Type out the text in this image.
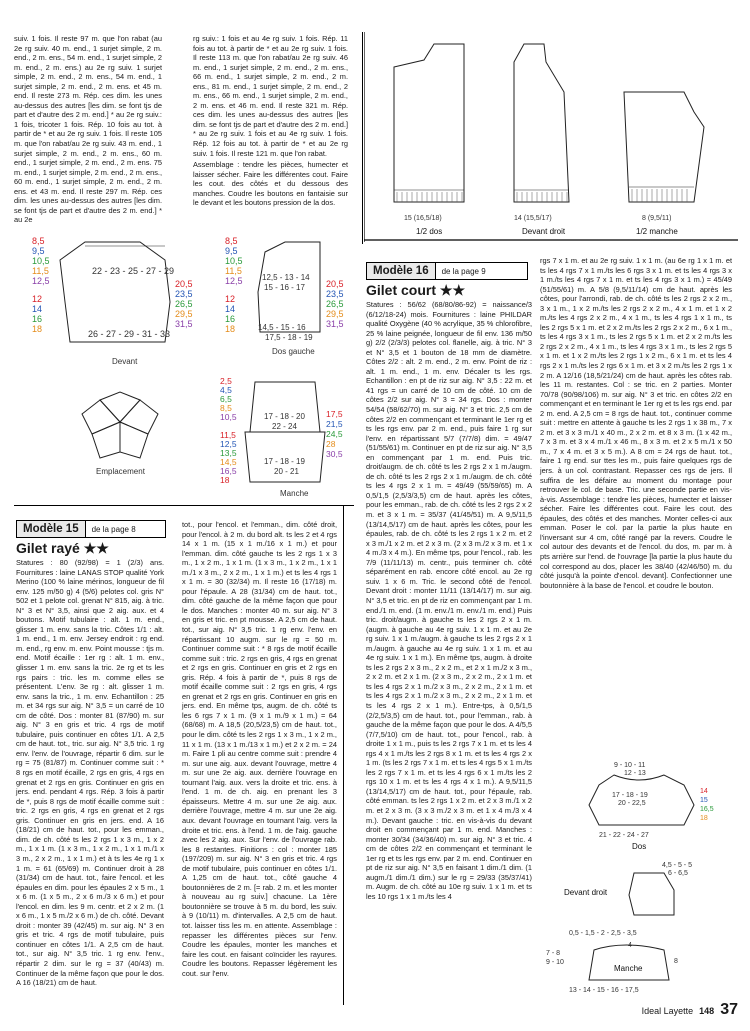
suiv. 1 fois. Il reste 97 m. que l'on rabat (au 2e rg suiv. 40 m. end., 1 surjet simple, 2 m. end., 2 m. ens., 54 m. end., 1 surjet simple, 2 m. end., 2 m. ens.) au 2e rg suiv. 1 surjet simple, 2 m. end., 2 m. ens., 54 m. end., 1 surjet simple, 2 m. end., 2 m. ens. et 45 m. end. Il reste 273 m. Rép. ces dim. les unes au-dessus des autres [les dim. se font tjs de part et d'autre des 2 m. end.] * au 2e rg suiv.: 1 fois, tricoter 1 fois. Rép. 10 fois au tot. à partir de * et au 2e rg suiv. 1 fois. Il reste 105 m. que l'on rabat/au 2e rg suiv. 43 m. end., 1 surjet simple, 2 m. end., 2 m. ens., 60 m. end., 1 surjet simple, 2 m. end., 2 m. ens. 75 m. end., 1 surjet simple, 2 m. end., 2 m. ens., 60 m. end., 1 surjet simple, 2 m. end., 2 m. ens. et 43 m. end. Il reste 297 m. Rép. ces dim. les unes au-dessus des autres [les dim. se font tjs de part et d'autre des 2 m. end.] * au 2e

rg suiv.: 1 fois et au 4e rg suiv. 1 fois. Rép. 11 fois au tot. à partir de * et au 2e rg suiv. 1 fois. Il reste 113 m. que l'on rabat/au 2e rg suiv. 46 m. end., 1 surjet simple, 2 m. end., 2 m. ens., 66 m. end., 1 surjet simple, 2 m. end., 2 m. ens., 81 m. end., 1 surjet simple, 2 m. end., 2 m. ens., 66 m. end., 1 surjet simple, 2 m. end., 2 m. ens. et 46 m. end. Il reste 321 m. Rép. ces dim. les unes au-dessus des autres [les dim. se font tjs de part et d'autre des 2 m. end.] * au 2e rg suiv. 1 fois et au 4e rg suiv. 1 fois. Rép. 12 fois au tot. à partir de * et au 2e rg suiv. 1 fois. Il reste 121 m. que l'on rabat.

Assemblage : tendre les pièces, humecter et laisser sécher. Faire les différentes cout. Faire les cout. des côtés et du dessous des manches. Coudre les boutons en fantaisie sur le devant et les boutons pression de la dos.

22 - 23 - 25 - 27 - 29
26 - 27 - 29 - 31 - 33
Devant
8,5
9,5
10,5
11,5
12,5
12
14
16
18
20,5
23,5
26,5
29,5
31,5
12,5 - 13 - 14
15 - 16 - 17
14,5 - 15 - 16
17,5 - 18 - 19
Dos gauche
8,5
9,5
10,5
11,5
12,5
12
14
16
18
20,5
23,5
26,5
29,5
31,5
Emplacement
17 - 18 - 20
22 - 24
17 - 18 - 19
20 - 21
Manche
2,5
4,5
6,5
8,5
10,5
11,5
12,5
13,5
14,5
16,5
18
17,5
21,5
24,5
28
30,5
15 (16,5/18)
1/2 dos
14 (15,5/17)
Devant droit
8 (9,5/11)
1/2 manche
Modèle 15	de la page 8
Gilet rayé ★★

Statures : 80 (92/98) = 1 (2/3) ans. Fournitures : laine LANAS STOP qualité York Merino (100 % laine mérinos, longueur de fil env. 125 m/50 g) 4 (5/6) pelotes col. gris N° 502 et 1 pelote col. grenat N° 815, aig. à tric. N° 3 et N° 3,5, ainsi que 2 aig. aux. et 4 boutons. Motif tubulaire : alt. 1 m. end., glisser 1 m. env. sans la tric. Côtes 1/1 : alt. 1 m. end., 1 m. env. Jersey endroit : rg end. m. end., rg env. m. env. Point mousse : tjs m. end. Motif écaille : 1er rg : alt. 1 m. env., glisser 1 m. env. sans la tric. 2e rg et ts les rgs pairs : tric. les m. comme elles se présentent. L'env. 3e rg : alt. glisser 1 m. env. sans la tric., 1 m. env. Echantillon : 25 m. et 34 rgs sur aig. N° 3,5 = un carré de 10 cm de côté. Dos : monter 81 (87/90) m. sur aig. N° 3 en gris et tric. 4 rgs de motif tubulaire, puis continuer en côtes 1/1. A 2,5 cm de haut. tot., tric. sur aig. N° 3,5 tric. 1 rg env. l'env. de l'ouvrage, répartir 6 dim. sur le rg = 75 (81/87) m. Continuer comme suit : * 8 rgs en motif écaille, 2 rgs en gris, 4 rgs en grenat et 2 rgs en gris. Continuer en gris en jers. end. pendant 4 rgs. Rép. 3 fois à partir de *, puis 8 rgs de motif écaille comme suit : tric. 2 rgs en gris, 4 rgs en grenat et 2 rgs gris. Continuer en gris en jers. end. A 16 (18/21) cm de haut. tot., pour les emman., dim. de ch. côté ts les 2 rgs 1 x 3 m., 1 x 2 m., 1 x 1 m. (1 x 3 m., 1 x 2 m., 1 x 1 m./1 x 3 m., 2 x 2 m., 1 x 1 m.) et à ts les 4e rg 1 x 1 m. = 61 (65/69) m. Continuer droit à 28 (31/34) cm de haut. tot., faire l'encol. et les épaules en dim. pour les épaules 2 x 5 m., 1 x 6 m. (1 x 5 m., 2 x 6 m./3 x 6 m.) et pour l'encol. en dim. les 9 m. centr. et 2 x 2 m. (1 x 6 m., 1 x 5 m./2 x 6 m.) de ch. côté. Devant droit : monter 39 (42/45) m. sur aig. N° 3 en gris et tric. 4 rgs de motif tubulaire, puis continuer en côtes 1/1. A 2,5 cm de haut. tot., sur aig. N° 3,5 tric. 1 rg env. l'env., répartir 2 dim. sur le rg = 37 (40/43) m. Continuer de la même façon que pour le dos. A 16 (18/21) cm de haut.

tot., pour l'encol. et l'emman., dim. côté droit, pour l'encol. à 2 m. du bord alt. ts les 2 et 4 rgs 14 x 1 m. (15 x 1 m./16 x 1 m.) et pour l'emman. dim. côté gauche ts les 2 rgs 1 x 3 m., 1 x 2 m., 1 x 1 m. (1 x 3 m., 1 x 2 m., 1 x 1 m./1 x 3 m., 2 x 2 m., 1 x 1 m.) et ts les 4 rgs 1 x 1 m. = 30 (32/34) m. Il reste 16 (17/18) m. pour l'épaule. A 28 (31/34) cm de haut. tot., dim. côté gauche de la même façon que pour le dos. Manches : monter 40 m. sur aig. N° 3 en gris et tric. en pt mousse. A 2,5 cm de haut. tot., sur aig. N° 3,5 tric. 1 rg env. l'env. en répartissant 10 augm. sur le rg = 50 m. Continuer comme suit : * 8 rgs de motif écaille comme suit : tric. 2 rgs en gris, 4 rgs en grenat et 2 rgs en gris. Continuer en gris et 2 rgs en gris. Rép. 4 fois à partir de *, puis 8 rgs de motif écaille comme suit : 2 rgs en gris, 4 rgs en grenat et 2 rgs en gris. Continuer en gris en jers. end. En même tps, augm. de ch. côté ts les 6 rgs 7 x 1 m. (9 x 1 m./9 x 1 m.) = 64 (68/68) m. A 18,5 (20,5/23,5) cm de haut. tot., pour le dim. côté ts les 2 rgs 1 x 3 m., 1 x 2 m., 11 x 1 m. (13 x 1 m./13 x 1 m.) et 2 x 2 m. = 24 m. Faire 1 pli au centre comme suit : prendre 4 m. sur une aig. aux. devant l'ouvrage, mettre 4 m. sur une 2e aig. aux. derrière l'ouvrage en tournant l'aig. aux. vers la droite et tric. ens. à l'end. 1 m. de ch. aig. en prenant les 3 épaisseurs. Mettre 4 m. sur une 2e aig. aux. derrière l'ouvrage, mettre 4 m. sur une 2e aig. aux. devant l'ouvrage en tournant l'aig. vers la droite et tric. ens. à l'end. 1 m. de l'aig. gauche avec les 2 aig. aux. Sur l'env. de l'ouvrage rab. les 8 restantes. Finitions : col : monter 185 (197/209) m. sur aig. N° 3 en gris et tric. 4 rgs de motif tubulaire, puis continuer en côtes 1/1. A 1,25 cm de haut. tot., côté gauche 4 boutonnières de 2 m. [= rab. 2 m. et les monter à nouveau au rg suiv.] chacune. La 1ère boutonnière se trouve à 5 m. du bord, les suiv. à 9 (10/11) m. d'intervalles. A 2,5 cm de haut. tot. laisser tiss les m. en attente. Assemblage : repasser les différentes pièces sur l'env. Coudre les épaules, monter les manches et faire les cout. en faisant coïncider les rayures. Coudre les boutons. Repasser légèrement les cout. sur l'env.

Modèle 16	de la page 9
Gilet court ★★

Statures : 56/62 (68/80/86-92) = naissance/3 (6/12/18-24) mois. Fournitures : laine PHILDAR qualité Oxygène (40 % acrylique, 35 % chlorofibre, 25 % laine peignée, longueur de fil env. 136 m/50 g) 2/2 (2/3/3) pelotes col. flanelle, aig. à tric. N° 3 et N° 3,5 et 1 bouton de 18 mm de diamètre. Côtes 2/2 : alt. 2 m. end., 2 m. env. Point de riz : alt. 1 m. end., 1 m. env. Décaler ts les rgs. Echantillon : en pt de riz sur aig. N° 3,5 : 22 m. et 41 rgs = un carré de 10 cm de côté. 10 cm de côtes 2/2 sur aig. N° 3 = 34 rgs. Dos : monter 54/54 (58/62/70) m. sur aig. N° 3 et tric. 2,5 cm de côtes 2/2 en commençant et terminant le 1er rg et ts les rgs env. par 2 m. end., puis faire 1 rg sur l'env. en répartissant 5/7 (7/7/8) dim. = 49/47 (51/55/61) m. Continuer en pt de riz sur aig. N° 3,5 en commençant par 1 m. end. Puis tric. droit/augm. de ch. côté ts les 2 rgs 2 x 1 m./augm. de ch. côté ts les 2 rgs 2 x 1 m./augm. de ch. côté ts les 4 rgs 2 x 1 m. = 49/49 (55/59/65) m. A 0,5/1,5 (2,5/3/3,5) cm de haut. après les côtes, pour les emman., rab. de ch. côté ts les 2 rgs 2 x 2 m. et 3 x 1 m. = 35/37 (41/45/51) m. A 9,5/11,5 (13/14,5/17) cm de haut. après les côtes, pour les épaules, rab. de ch. côté ts les 2 rgs 1 x 2 m. et 2 x 3 m./1 x 2 m. et 2 x 3 m. (2 x 3 m./2 x 3 m. et 1 x 4 m./3 x 4 m.). En même tps, pour l'encol., rab. les 7/9 (11/11/13) m. centr., puis terminer ch. côté séparément en rab. encore côté encol. au 2e rg suiv. 1 x 6 m. Tric. le second côté de l'encol. Devant droit : monter 11/11 (13/14/17) m. sur aig. N° 3,5 et tric. en pt de riz en commençant par 1 m. end./1 m. end. (1 m. env./1 m. env./1 m. end.) Puis tric. droit/augm. à gauche ts les 2 rgs 2 x 1 m. (augm. à gauche au 4e rg suiv. 1 x 1 m. et au 2e rg suiv. 1 x 1 m./augm. à gauche ts les 2 rgs 2 x 1 m./augm. à gauche au 4e rg suiv. 1 x 1 m. et au 4e rg suiv. 1 x 1 m.). En même tps, augm. à droite ts les 2 rgs 2 x 3 m., 2 x 2 m., et 2 x 1 m./2 x 3 m., 2 x 2 m. et 2 x 1 m. (2 x 3 m., 2 x 2 m., 2 x 1 m. et ts les 4 rgs 2 x 1 m./2 x 3 m., 2 x 2 m., 2 x 1 m. et ts les 4 rgs 2 x 1 m./2 x 3 m., 2 x 2 m., 2 x 1 m. et ts les 4 rgs 2 x 1 m.). Entre-tps, à 0,5/1,5 (2/2,5/3,5) cm de haut. tot., pour l'emman., rab. à gauche de la même façon que pour le dos. A 4/5,5 (7/7,5/10) cm de haut. tot., pour l'encol., rab. à droite 1 x 1 m., puis ts les 2 rgs 7 x 1 m. et ts les 4 rgs 4 x 1 m./ts les 2 rgs 8 x 1 m. et ts les 4 rgs 2 x 1 m. (ts les 2 rgs 7 x 1 m. et ts les 4 rgs 5 x 1 m./ts les 2 rgs 7 x 1 m. et ts les 4 rgs 6 x 1 m./ts les 2 rgs 10 x 1 m. et ts les 4 rgs 4 x 1 m.). A 9,5/11,5 (13/14,5/17) cm de haut. tot., pour l'épaule, rab. côté emman. ts les 2 rgs 1 x 2 m. et 2 x 3 m./1 x 2 m. et 2 x 3 m. (3 x 3 m./2 x 3 m. et 1 x 4 m./3 x 4 m.). Devant gauche : tric. en vis-à-vis du devant droit en commençant par 1 m. end. Manches : monter 30/34 (34/36/40) m. sur aig. N° 3 et tric. 4 cm de côtes 2/2 en commençant et terminant le 1er rg et ts les rgs env. par 2 m. end. Continuer en pt de riz sur aig. N° 3,5 en faisant 1 dim./1 dim. (1 augm./1 dim./1 dim.) sur le rg = 29/33 (35/37/41) m. Augm. de ch. côté au 10e rg suiv. 1 x 1 m. et ts les 10 rgs 1 x 1 m./ts les 4

rgs 7 x 1 m. et au 2e rg suiv. 1 x 1 m. (au 6e rg 1 x 1 m. et ts les 4 rgs 7 x 1 m./ts les 6 rgs 3 x 1 m. et ts les 4 rgs 3 x 1 m./ts les 4 rgs 7 x 1 m. et ts les 4 rgs 3 x 1 m.) = 45/49 (51/55/61) m. A 5/8 (9,5/11/14) cm de haut. après les côtes, pour l'arrondi, rab. de ch. côté ts les 2 rgs 2 x 2 m., 3 x 1 m., 1 x 2 m./ts les 2 rgs 2 x 2 m., 4 x 1 m. et 1 x 2 m./ts les 4 rgs 2 x 2 m., 4 x 1 m., ts les 4 rgs 1 x 1 m., ts les 2 rgs 5 x 1 m. et 2 x 2 m./ts les 2 rgs 2 x 2 m., 6 x 1 m., ts les 4 rgs 3 x 1 m., ts les 2 rgs 5 x 1 m. et 2 x 2 m./ts les 2 rgs 2 x 2 m., 4 x 1 m., ts les 4 rgs 3 x 1 m., ts les 2 rgs 5 x 1 m. et 1 x 2 m./ts les 2 rgs 1 x 2 m., 6 x 1 m. et ts les 4 rgs 2 x 1 m./ts les 2 rgs 6 x 1 m. et 3 x 2 m./ts les 2 rgs 1 x 2 m. A 12/16 (18,5/21/24) cm de haut. après les côtes rab. les 11 m. restantes. Col : se tric. en 2 parties. Monter 70/78 (90/98/106) m. sur aig. N° 3 et tric. en côtes 2/2 en commençant et en terminant le 1er rg et ts les rgs end. par 2 m. end. A 2,5 cm = 8 rgs de haut. tot., continuer comme suit : mettre en attente à gauche ts les 2 rgs 1 x 38 m., 7 x 2 m. et 3 x 3 m./1 x 40 m., 2 x 2 m. et 8 x 3 m. (1 x 42 m., 7 x 3 m. et 3 x 4 m./1 x 46 m., 8 x 3 m. et 2 x 5 m./1 x 50 m., 7 x 4 m. et 3 x 5 m.). A 8 cm = 24 rgs de haut. tot., faire 1 rg end. sur ttes les m., puis faire quelques rgs de jers. à un col. contrastant. Repasser ces rgs de jers. Il suffira de les défaire au moment du montage pour retrouver le col. de base. Tric. une seconde partie en vis-à-vis. Assemblage : tendre les pièces, humecter et laisser sécher. Faire les différentes cout. Faire les cout. des épaules, des côtés et des manches. Monter celles-ci aux emman. Poser le col. par la partie la plus haute en l'inversant sur 4 cm, côté rangé par la revers. Coudre le col autour des devants et de l'encol. du dos, m. par m. à pts arrière sur l'end. de l'ouvrage [la partie la plus haute du col correspond au dos, placer les 38/40 (42/46/50) m. du côté jusqu'à la pointe d'encol. devant]. Confectionner une boutonnière à la base de l'encol. et coudre le bouton.

9 - 10 - 11
12 - 13
17 - 18 - 19
20 - 22,5
21 - 22 - 24 - 27
Dos
14
15
16,5
18
4,5 - 5 - 5
6 - 6,5
Devant droit
0,5 - 1,5 - 2 - 2,5 - 3,5
4
7 - 8
9 - 10	8
Manche
13 - 14 - 15 - 16 - 17,5
Ideal Layette 148 37
